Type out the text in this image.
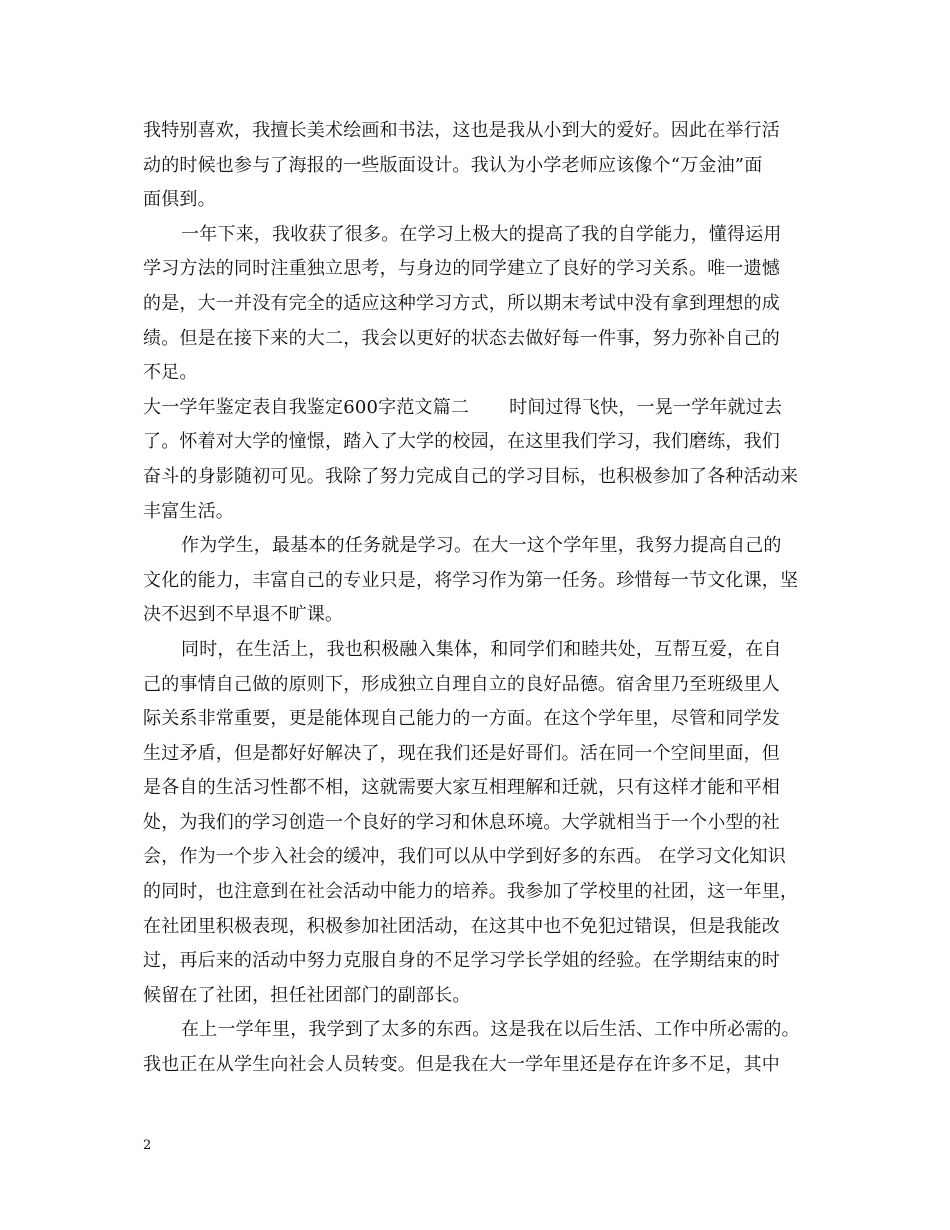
我特别喜欢，我擅长美术绘画和书法，这也是我从小到大的爱好。因此在举行活
动的时候也参与了海报的一些版面设计。我认为小学老师应该像个“万金油”面
面俱到。
一年下来，我收获了很多。在学习上极大的提高了我的自学能力，懂得运用
学习方法的同时注重独立思考，与身边的同学建立了良好的学习关系。唯一遗憾
的是，大一并没有完全的适应这种学习方式，所以期末考试中没有拿到理想的成
绩。但是在接下来的大二，我会以更好的状态去做好每一件事，努力弥补自己的
不足。
大一学年鉴定表自我鉴定600字范文篇二 时间过得飞快，一晃一学年就过去
了。怀着对大学的憧憬，踏入了大学的校园，在这里我们学习，我们磨练，我们
奋斗的身影随初可见。我除了努力完成自己的学习目标，也积极参加了各种活动来
丰富生活。
作为学生，最基本的任务就是学习。在大一这个学年里，我努力提高自己的
文化的能力，丰富自己的专业只是，将学习作为第一任务。珍惜每一节文化课，坚
决不迟到不早退不旷课。
同时，在生活上，我也积极融入集体，和同学们和睦共处，互帮互爱，在自
己的事情自己做的原则下，形成独立自理自立的良好品德。宿舍里乃至班级里人
际关系非常重要，更是能体现自己能力的一方面。在这个学年里，尽管和同学发
生过矛盾，但是都好好解决了，现在我们还是好哥们。活在同一个空间里面，但
是各自的生活习性都不相，这就需要大家互相理解和迁就，只有这样才能和平相
处，为我们的学习创造一个良好的学习和休息环境。大学就相当于一个小型的社
会，作为一个步入社会的缓冲，我们可以从中学到好多的东西。 在学习文化知识
的同时，也注意到在社会活动中能力的培养。我参加了学校里的社团，这一年里，
在社团里积极表现，积极参加社团活动，在这其中也不免犯过错误，但是我能改
过，再后来的活动中努力克服自身的不足学习学长学姐的经验。在学期结束的时
候留在了社团，担任社团部门的副部长。
在上一学年里，我学到了太多的东西。这是我在以后生活、工作中所必需的。
我也正在从学生向社会人员转变。但是我在大一学年里还是存在许多不足，其中
2
